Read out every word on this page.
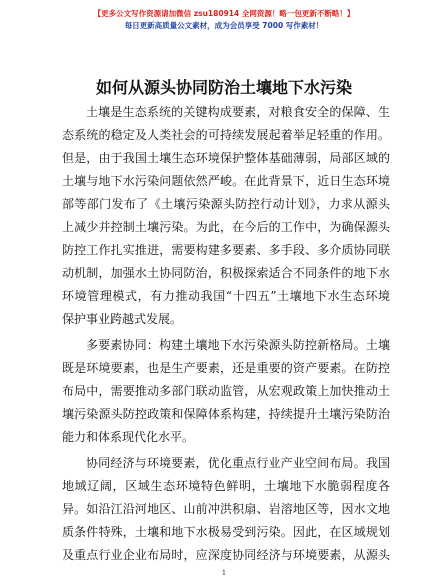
【更多公文写作资源请加微信 zsu180914 全网资源！略一包更新不断略！】
每日更新高质量公文素材，成为会员享受 7000 写作素材！
如何从源头协同防治土壤地下水污染
土壤是生态系统的关键构成要素，对粮食安全的保障、生
态系统的稳定及人类社会的可持续发展起着举足轻重的作用。
但是，由于我国土壤生态环境保护整体基础薄弱，局部区域的
土壤与地下水污染问题依然严峻。在此背景下，近日生态环境
部等部门发布了《土壤污染源头防控行动计划》，力求从源头
上减少并控制土壤污染。为此，在今后的工作中，为确保源头
防控工作扎实推进，需要构建多要素、多手段、多介质协同联
动机制，加强水土协同防治，积极探索适合不同条件的地下水
环境管理模式，有力推动我国“十四五”土壤地下水生态环境
保护事业跨越式发展。
多要素协同：构建土壤地下水污染源头防控新格局。土壤
既是环境要素，也是生产要素，还是重要的资产要素。在防控
布局中，需要推动多部门联动监管，从宏观政策上加快推动土
壤污染源头防控政策和保障体系构建，持续提升土壤污染防治
能力和体系现代化水平。
协同经济与环境要素，优化重点行业产业空间布局。我国
地域辽阔，区域生态环境特色鲜明，土壤地下水脆弱程度各
异。如沿江沿河地区、山前冲洪积扇、岩溶地区等，因水文地
质条件特殊，土壤和地下水极易受到污染。因此，在区域规划
及重点行业企业布局时，应深度协同经济与环境要素，从源头
1
